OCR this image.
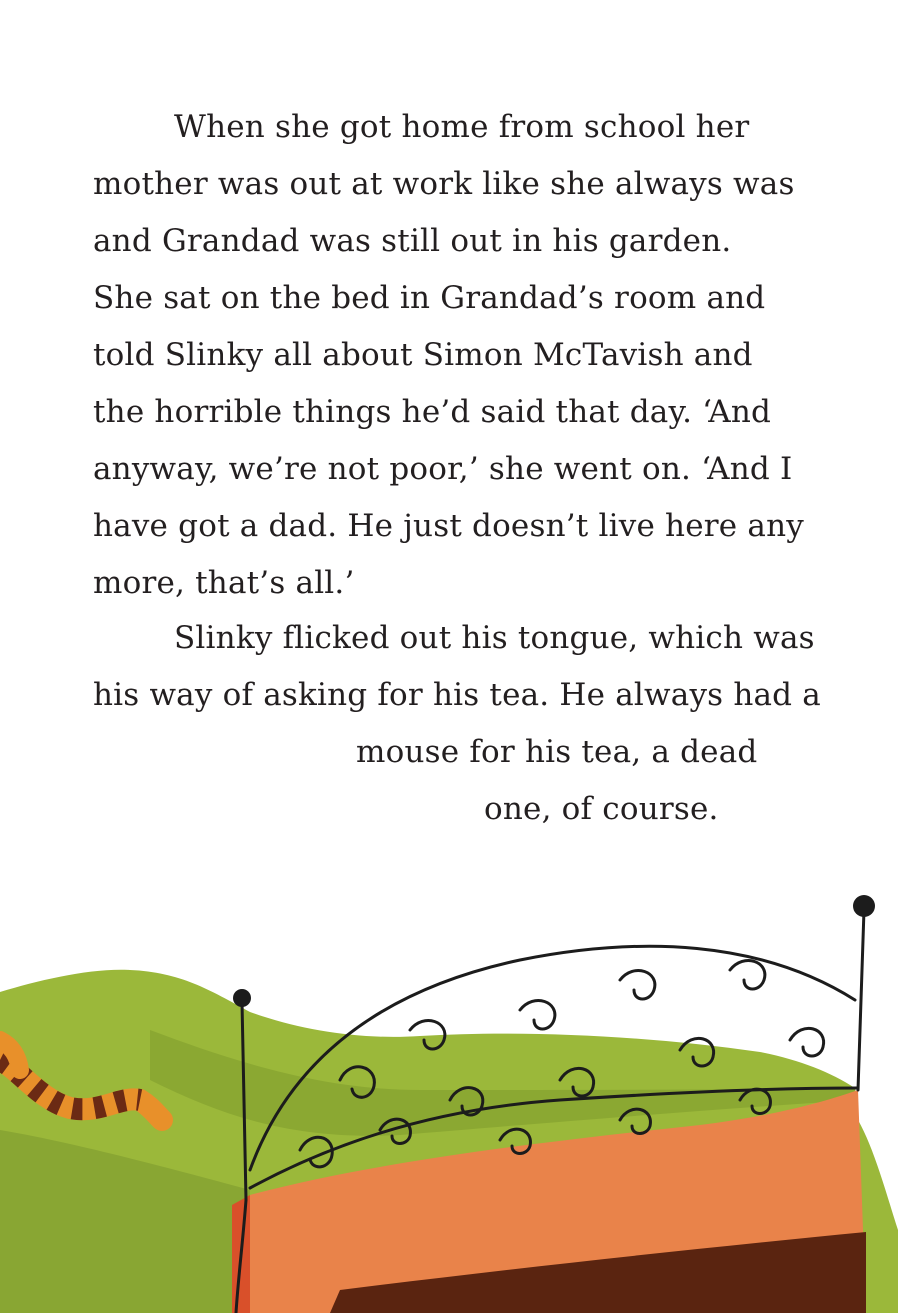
When she got home from school her

mother was out at work like she always was

and Grandad was still out in his garden.

She sat on the bed in Grandad’s room and

told Slinky all about Simon McTavish and

the horrible things he’d said that day. ‘And

anyway, we’re not poor,’ she went on. ‘And I

have got a dad. He just doesn’t live here any

more, that’s all.’

Slinky flicked out his tongue, which was

his way of asking for his tea. He always had a

mouse for his tea, a dead

one, of course.
